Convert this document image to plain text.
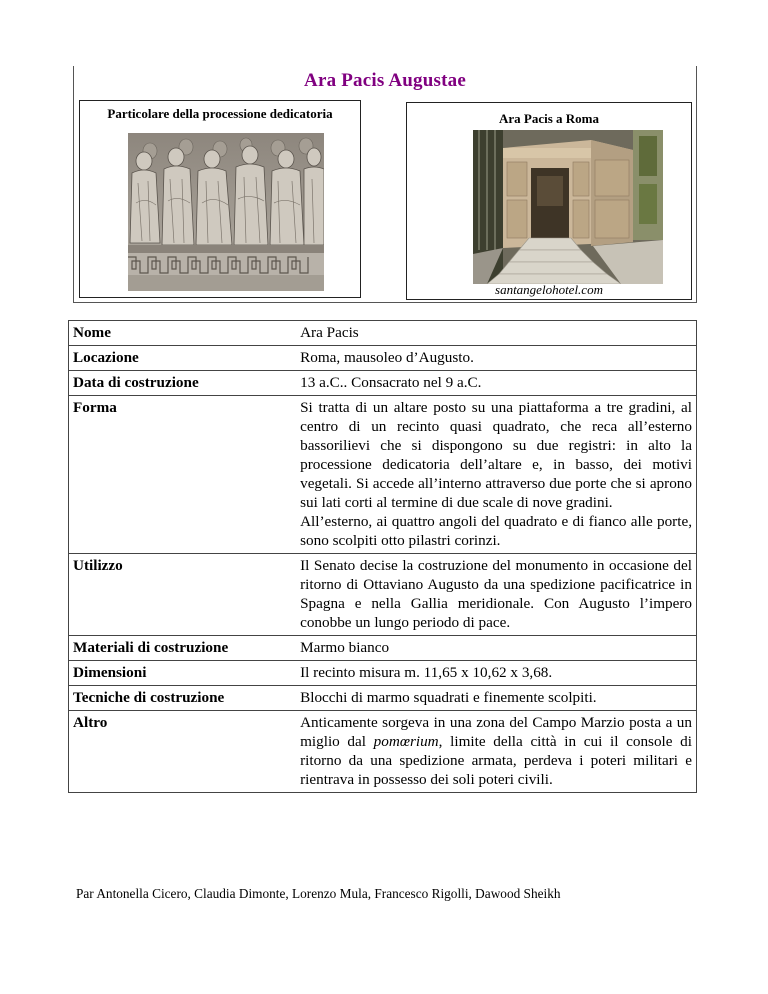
Ara Pacis Augustae
Particolare della processione dedicatoria	Ara Pacis a Roma
santangelohotel.com
Nome	Ara Pacis
Locazione	Roma, mausoleo d’Augusto.
Data di costruzione	13 a.C.. Consacrato nel 9 a.C.
Forma	Si tratta di un altare posto su una piattaforma a tre gradini, al centro di un recinto quasi quadrato, che reca all’esterno bassorilievi che si dispongono su due registri: in alto la processione dedicatoria dell’altare e, in basso, dei motivi vegetali. Si accede all’interno attraverso due porte che si aprono sui lati corti al termine di due scale di nove gradini.
All’esterno, ai quattro angoli del quadrato e di fianco alle porte, sono scolpiti otto pilastri corinzi.

Utilizzo	Il Senato decise la costruzione del monumento in occasione del ritorno di Ottaviano Augusto da una spedizione pacificatrice in Spagna e nella Gallia meridionale. Con Augusto l’impero conobbe un lungo periodo di pace.
Materiali di costruzione	Marmo bianco
Dimensioni	Il recinto misura m. 11,65 x 10,62 x 3,68.
Tecniche di costruzione	Blocchi di marmo squadrati e finemente scolpiti.
Altro	Anticamente sorgeva in una zona del Campo Marzio posta a un miglio dal pomœrium, limite della città in cui il console di ritorno da una spedizione armata, perdeva i poteri militari e rientrava in possesso dei soli poteri civili.
Par Antonella Cicero, Claudia Dimonte, Lorenzo Mula, Francesco Rigolli, Dawood Sheikh
